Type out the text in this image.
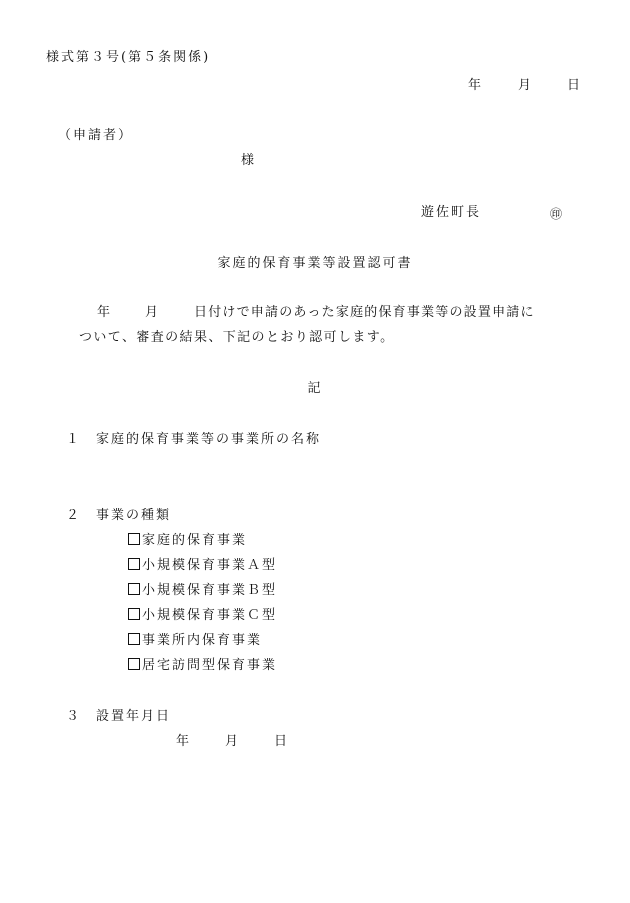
様式第３号(第５条関係)

年	月	日

（申請者）

様

遊佐町長	㊞

家庭的保育事業等設置認可書

年	月	日付けで申請のあった家庭的保育事業等の設置申請に
ついて、審査の結果、下記のとおり認可します。

記

１ 家庭的保育事業等の事業所の名称
２ 事業の種類
家庭的保育事業
小規模保育事業Ａ型
小規模保育事業Ｂ型
小規模保育事業Ｃ型
事業所内保育事業
居宅訪問型保育事業
３ 設置年月日
年	月	日
